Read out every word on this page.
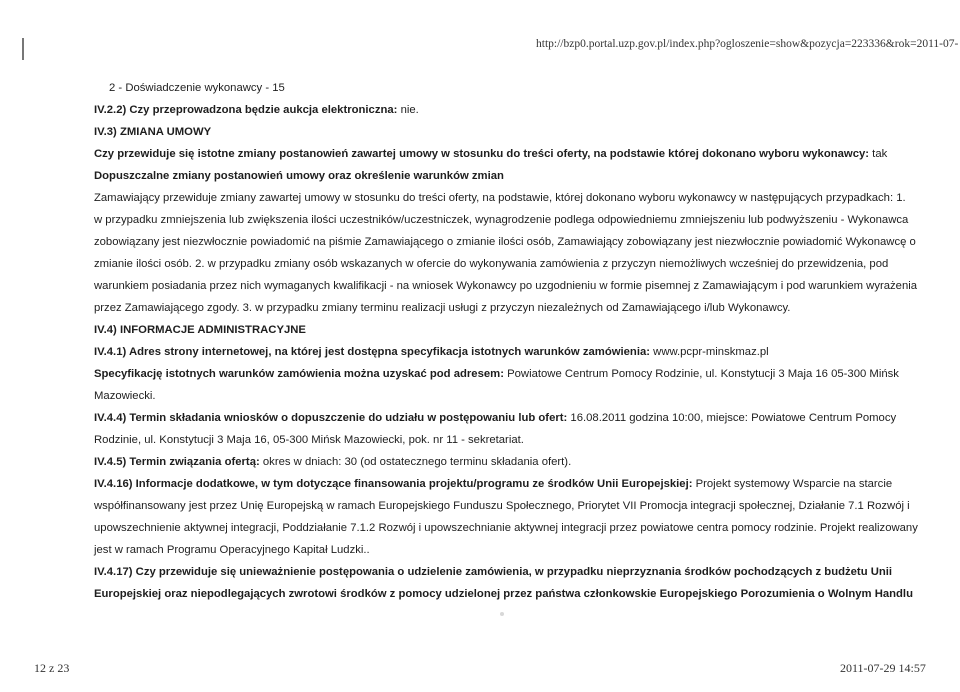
http://bzp0.portal.uzp.gov.pl/index.php?ogloszenie=show&pozycja=223336&rok=2011-07-
2 - Doświadczenie wykonawcy - 15
IV.2.2) Czy przeprowadzona będzie aukcja elektroniczna: nie.
IV.3) ZMIANA UMOWY
Czy przewiduje się istotne zmiany postanowień zawartej umowy w stosunku do treści oferty, na podstawie której dokonano wyboru wykonawcy: tak
Dopuszczalne zmiany postanowień umowy oraz określenie warunków zmian
Zamawiający przewiduje zmiany zawartej umowy w stosunku do treści oferty, na podstawie, której dokonano wyboru wykonawcy w następujących przypadkach: 1.
w przypadku zmniejszenia lub zwiększenia ilości uczestników/uczestniczek, wynagrodzenie podlega odpowiedniemu zmniejszeniu lub podwyższeniu - Wykonawca
zobowiązany jest niezwłocznie powiadomić na piśmie Zamawiającego o zmianie ilości osób, Zamawiający zobowiązany jest niezwłocznie powiadomić Wykonawcę o
zmianie ilości osób. 2. w przypadku zmiany osób wskazanych w ofercie do wykonywania zamówienia z przyczyn niemożliwych wcześniej do przewidzenia, pod
warunkiem posiadania przez nich wymaganych kwalifikacji - na wniosek Wykonawcy po uzgodnieniu w formie pisemnej z Zamawiającym i pod warunkiem wyrażenia
przez Zamawiającego zgody. 3. w przypadku zmiany terminu realizacji usługi z przyczyn niezależnych od Zamawiającego i/lub Wykonawcy.
IV.4) INFORMACJE ADMINISTRACYJNE
IV.4.1) Adres strony internetowej, na której jest dostępna specyfikacja istotnych warunków zamówienia: www.pcpr-minskmaz.pl
Specyfikację istotnych warunków zamówienia można uzyskać pod adresem: Powiatowe Centrum Pomocy Rodzinie, ul. Konstytucji 3 Maja 16 05-300 Mińsk
Mazowiecki.
IV.4.4) Termin składania wniosków o dopuszczenie do udziału w postępowaniu lub ofert: 16.08.2011 godzina 10:00, miejsce: Powiatowe Centrum Pomocy
Rodzinie, ul. Konstytucji 3 Maja 16, 05-300 Mińsk Mazowiecki, pok. nr 11 - sekretariat.
IV.4.5) Termin związania ofertą: okres w dniach: 30 (od ostatecznego terminu składania ofert).
IV.4.16) Informacje dodatkowe, w tym dotyczące finansowania projektu/programu ze środków Unii Europejskiej: Projekt systemowy Wsparcie na starcie
współfinansowany jest przez Unię Europejską w ramach Europejskiego Funduszu Społecznego, Priorytet VII Promocja integracji społecznej, Działanie 7.1 Rozwój i
upowszechnienie aktywnej integracji, Poddziałanie 7.1.2 Rozwój i upowszechnianie aktywnej integracji przez powiatowe centra pomocy rodzinie. Projekt realizowany
jest w ramach Programu Operacyjnego Kapitał Ludzki..
IV.4.17) Czy przewiduje się unieważnienie postępowania o udzielenie zamówienia, w przypadku nieprzyznania środków pochodzących z budżetu Unii
Europejskiej oraz niepodlegających zwrotowi środków z pomocy udzielonej przez państwa członkowskie Europejskiego Porozumienia o Wolnym Handlu
12 z 23	2011-07-29 14:57
